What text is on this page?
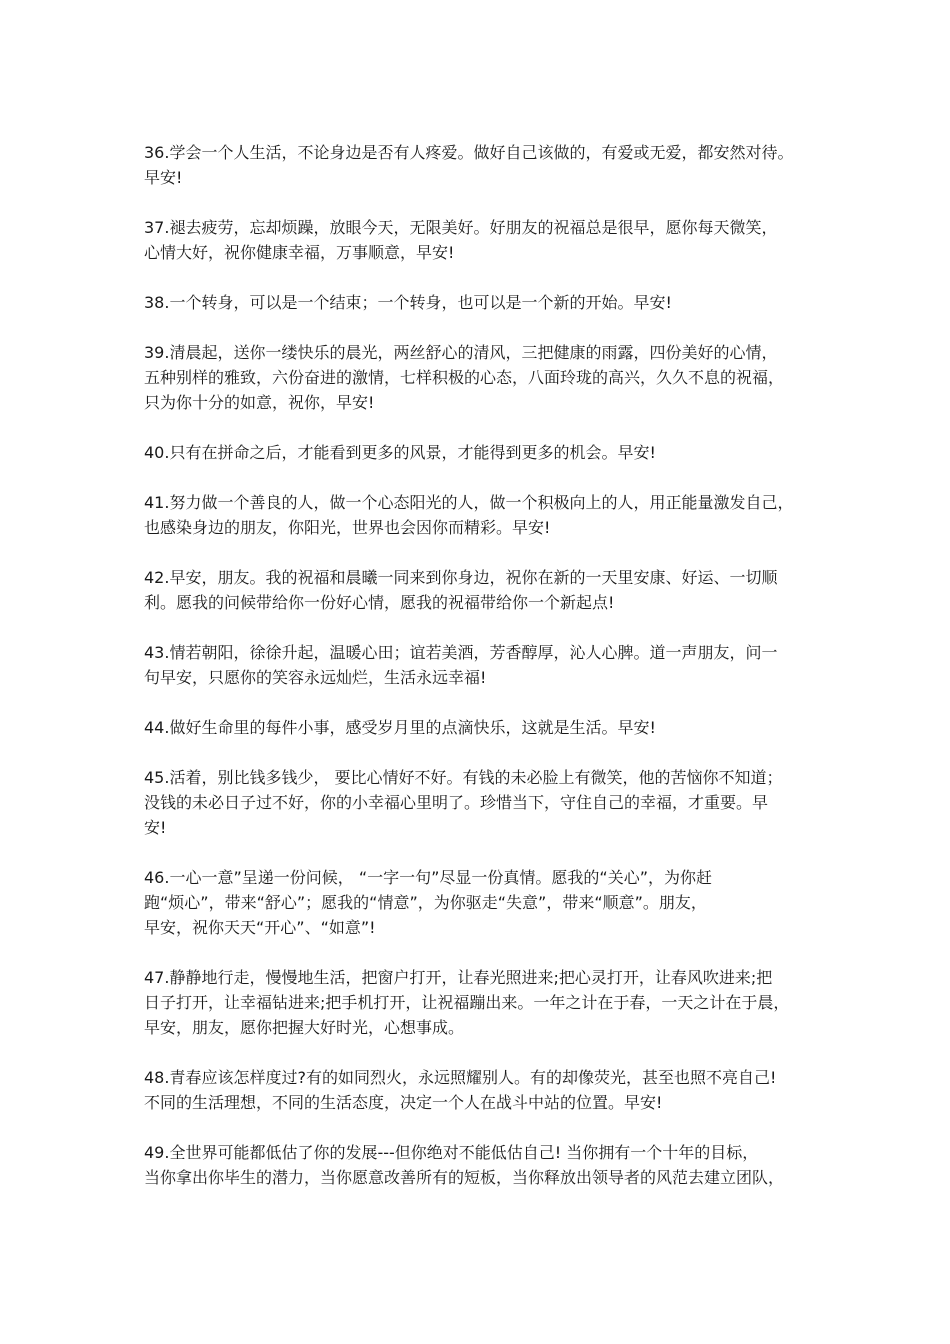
36.学会一个人生活，不论身边是否有人疼爱。做好自己该做的，有爱或无爱，都安然对待。
早安!

37.褪去疲劳，忘却烦躁，放眼今天，无限美好。好朋友的祝福总是很早，愿你每天微笑，
心情大好，祝你健康幸福，万事顺意，早安!

38.一个转身，可以是一个结束；一个转身，也可以是一个新的开始。早安!

39.清晨起，送你一缕快乐的晨光，两丝舒心的清风，三把健康的雨露，四份美好的心情，
五种别样的雅致，六份奋进的激情，七样积极的心态，八面玲珑的高兴，久久不息的祝福，
只为你十分的如意，祝你，早安!

40.只有在拼命之后，才能看到更多的风景，才能得到更多的机会。早安!

41.努力做一个善良的人，做一个心态阳光的人，做一个积极向上的人，用正能量激发自己，
也感染身边的朋友，你阳光，世界也会因你而精彩。早安!

42.早安，朋友。我的祝福和晨曦一同来到你身边，祝你在新的一天里安康、好运、一切顺
利。愿我的问候带给你一份好心情，愿我的祝福带给你一个新起点!

43.情若朝阳，徐徐升起，温暖心田；谊若美酒，芳香醇厚，沁人心脾。道一声朋友，问一
句早安，只愿你的笑容永远灿烂，生活永远幸福!

44.做好生命里的每件小事，感受岁月里的点滴快乐，这就是生活。早安!

45.活着，别比钱多钱少， 要比心情好不好。有钱的未必脸上有微笑，他的苦恼你不知道；
没钱的未必日子过不好，你的小幸福心里明了。珍惜当下，守住自己的幸福，才重要。早
安!

46.一心一意”呈递一份问候， “一字一句”尽显一份真情。愿我的“关心”，为你赶
跑“烦心”，带来“舒心”；愿我的“情意”，为你驱走“失意”，带来“顺意”。朋友，
早安，祝你天天“开心”、“如意”!

47.静静地行走，慢慢地生活，把窗户打开，让春光照进来;把心灵打开，让春风吹进来;把
日子打开，让幸福钻进来;把手机打开，让祝福蹦出来。一年之计在于春，一天之计在于晨，
早安，朋友，愿你把握大好时光，心想事成。

48.青春应该怎样度过?有的如同烈火，永远照耀别人。有的却像荧光，甚至也照不亮自己!
不同的生活理想，不同的生活态度，决定一个人在战斗中站的位置。早安!

49.全世界可能都低估了你的发展---但你绝对不能低估自己! 当你拥有一个十年的目标，
当你拿出你毕生的潜力，当你愿意改善所有的短板，当你释放出领导者的风范去建立团队，
